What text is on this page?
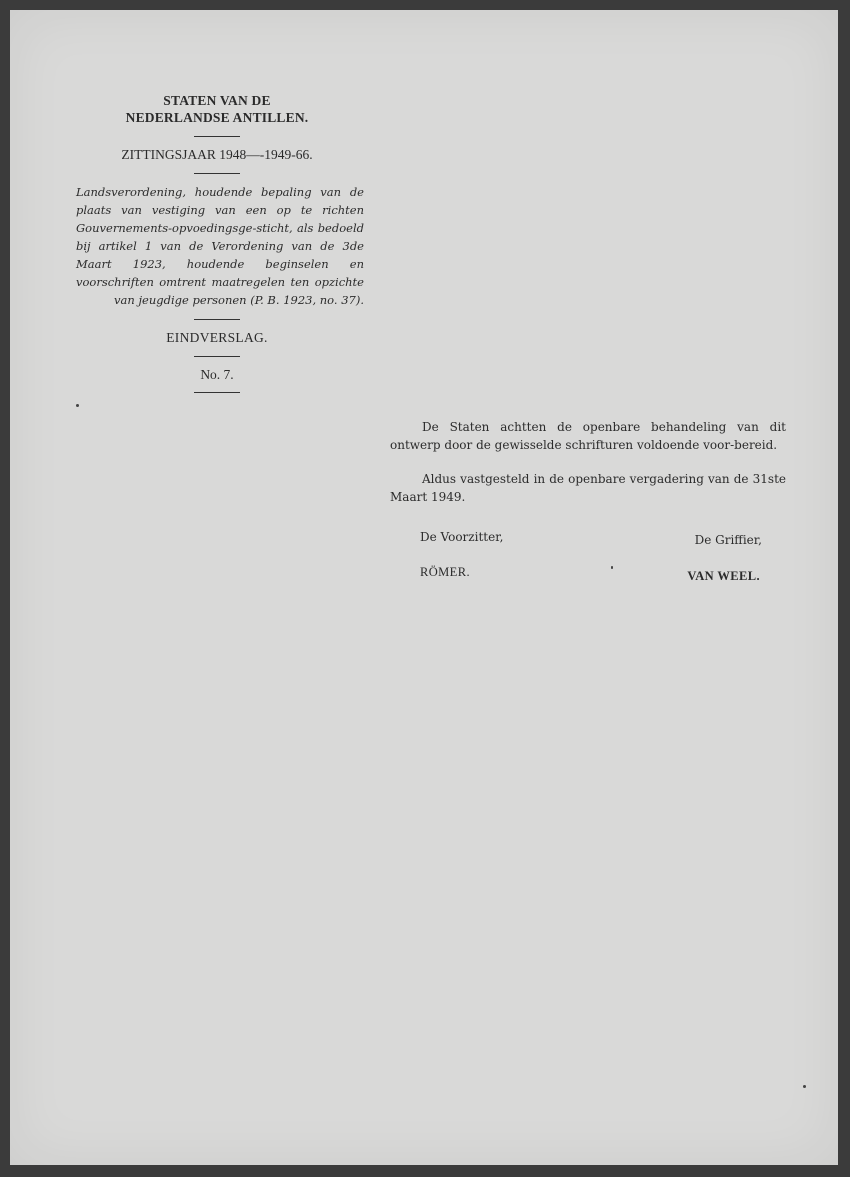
STATEN VAN DE
NEDERLANDSE ANTILLEN.
ZITTINGSJAAR 1948—-1949-66.
Landsverordening, houdende bepaling van de plaats van vestiging van een op te richten Gouvernements-opvoedingsge-sticht, als bedoeld bij artikel 1 van de Verordening van de 3de Maart 1923, houdende beginselen en voorschriften omtrent maatregelen ten opzichte van jeugdige personen (P. B. 1923, no. 37).
EINDVERSLAG.
No. 7.

De Staten achtten de openbare behandeling van dit ontwerp door de gewisselde schrifturen voldoende voor-bereid.

Aldus vastgesteld in de openbare vergadering van de 31ste Maart 1949.

De Voorzitter,	De Griffier,
RÖMER.	VAN WEEL.
